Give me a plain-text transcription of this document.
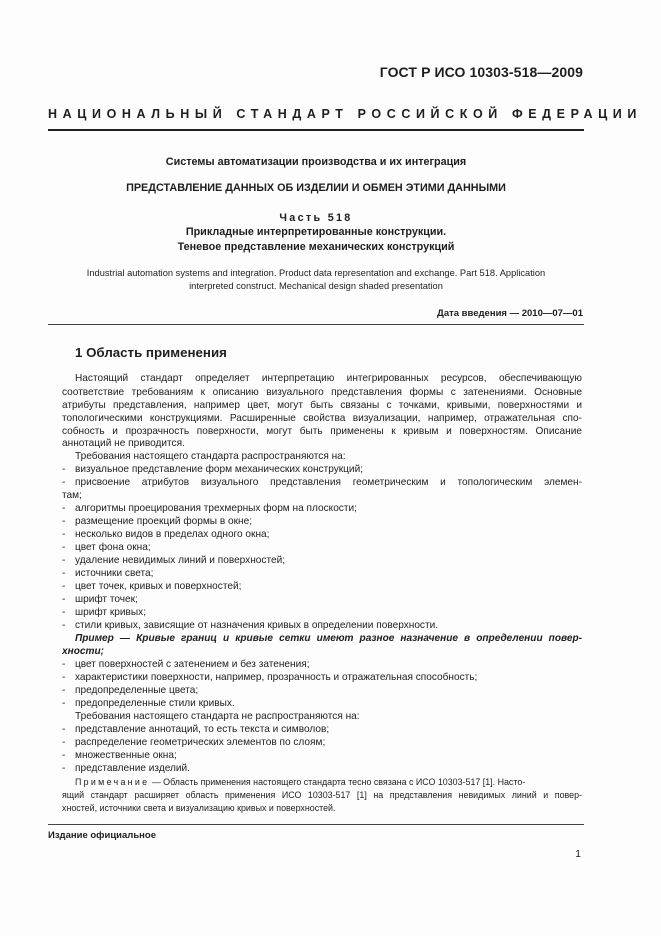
ГОСТ Р ИСО 10303-518—2009
НАЦИОНАЛЬНЫЙ СТАНДАРТ РОССИЙСКОЙ ФЕДЕРАЦИИ
Системы автоматизации производства и их интеграция
ПРЕДСТАВЛЕНИЕ ДАННЫХ ОБ ИЗДЕЛИИ И ОБМЕН ЭТИМИ ДАННЫМИ
Часть 518
Прикладные интерпретированные конструкции.
Теневое представление механических конструкций
Industrial automation systems and integration. Product data representation and exchange. Part 518. Application
interpreted construct. Mechanical design shaded presentation
Дата введения — 2010—07—01
1 Область применения
Настоящий стандарт определяет интерпретацию интегрированных ресурсов, обеспечивающую
соответствие требованиям к описанию визуального представления формы с затенениями. Основные
атрибуты представления, например цвет, могут быть связаны с точками, кривыми, поверхностями и
топологическими конструкциями. Расширенные свойства визуализации, например, отражательная спо-
собность и прозрачность поверхности, могут быть применены к кривым и поверхностям. Описание
аннотаций не приводится.
Требования настоящего стандарта распространяются на:
- визуальное представление форм механических конструкций;
- присвоение атрибутов визуального представления геометрическим и топологическим элемен-
там;
- алгоритмы проецирования трехмерных форм на плоскости;
- размещение проекций формы в окне;
- несколько видов в пределах одного окна;
- цвет фона окна;
- удаление невидимых линий и поверхностей;
- источники света;
- цвет точек, кривых и поверхностей;
- шрифт точек;
- шрифт кривых;
- стили кривых, зависящие от назначения кривых в определении поверхности.
Пример — Кривые границ и кривые сетки имеют разное назначение в определении повер-
хности;
- цвет поверхностей с затенением и без затенения;
- характеристики поверхности, например, прозрачность и отражательная способность;
- предопределенные цвета;
- предопределенные стили кривых.
Требования настоящего стандарта не распространяются на:
- представление аннотаций, то есть текста и символов;
- распределение геометрических элементов по слоям;
- множественные окна;
- представление изделий.
Примечание — Область применения настоящего стандарта тесно связана с ИСО 10303-517 [1]. Насто-
ящий стандарт расширяет область применения ИСО 10303-517 [1] на представления невидимых линий и повер-
хностей, источники света и визуализацию кривых и поверхностей.
Издание официальное
1
